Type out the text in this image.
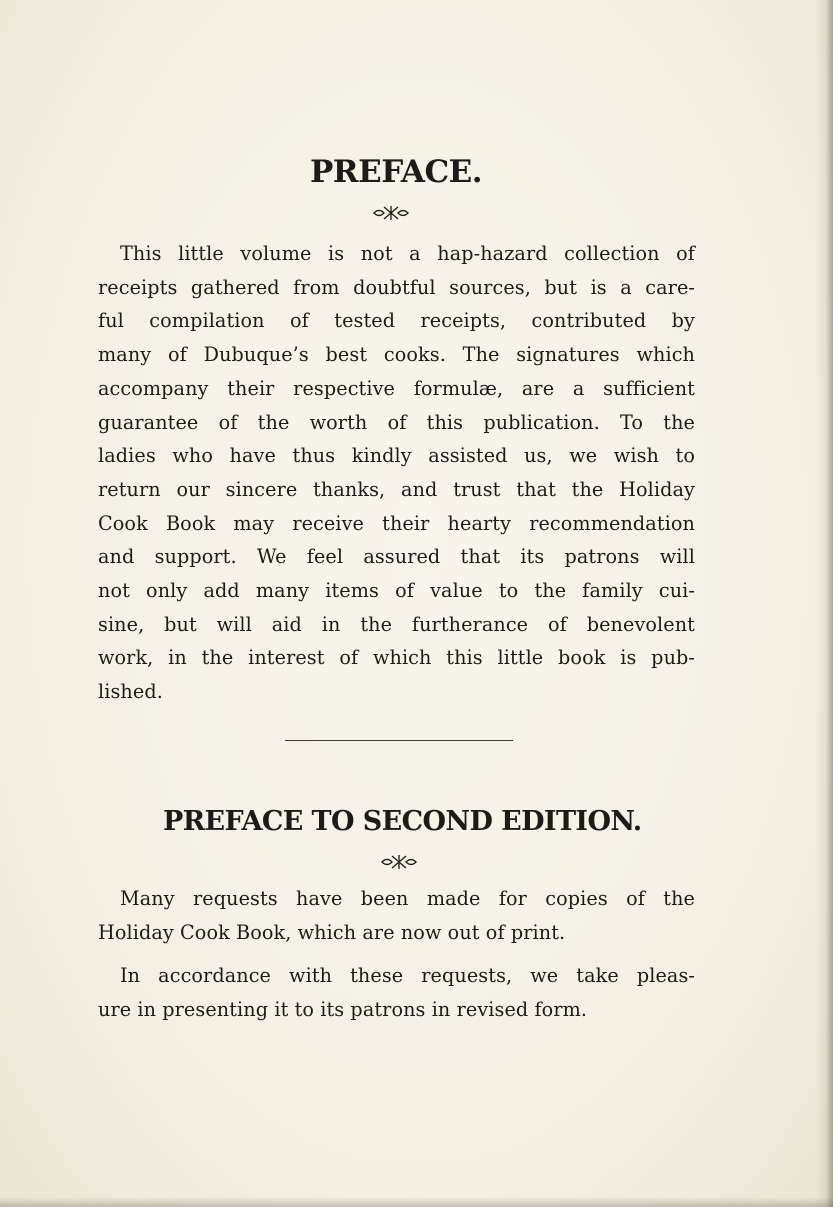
PREFACE.
This little volume is not a hap-hazard collection of
receipts gathered from doubtful sources, but is a care-
ful compilation of tested receipts, contributed by
many of Dubuque’s best cooks. The signatures which
accompany their respective formulæ, are a sufficient
guarantee of the worth of this publication. To the
ladies who have thus kindly assisted us, we wish to
return our sincere thanks, and trust that the Holiday
Cook Book may receive their hearty recommendation
and support. We feel assured that its patrons will
not only add many items of value to the family cui-
sine, but will aid in the furtherance of benevolent
work, in the interest of which this little book is pub-
lished.
PREFACE TO SECOND EDITION.
Many requests have been made for copies of the
Holiday Cook Book, which are now out of print.
In accordance with these requests, we take pleas-
ure in presenting it to its patrons in revised form.
